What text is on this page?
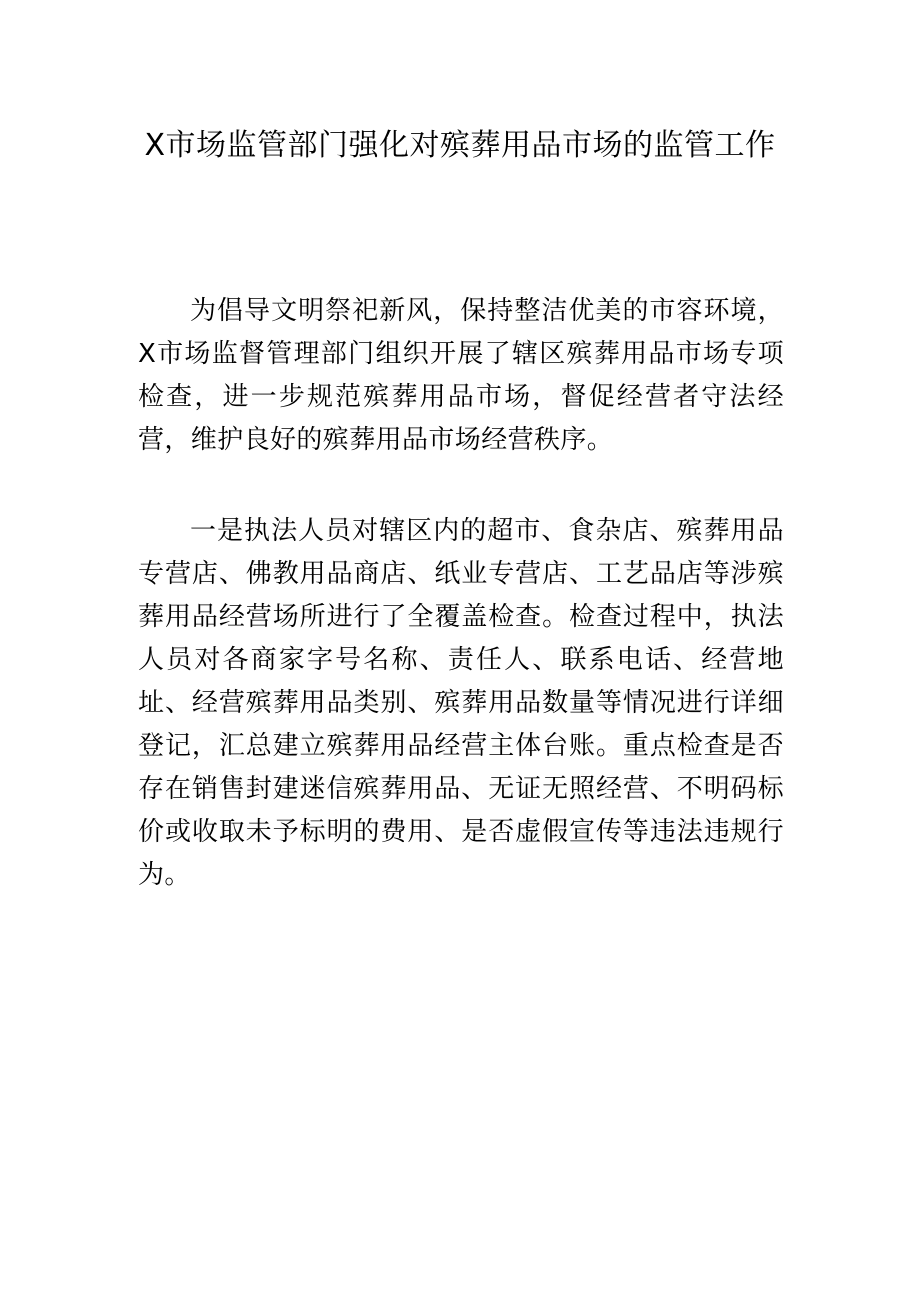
X市场监管部门强化对殡葬用品市场的监管工作

为倡导文明祭祀新风，保持整洁优美的市容环境，X市场监督管理部门组织开展了辖区殡葬用品市场专项检查，进一步规范殡葬用品市场，督促经营者守法经营，维护良好的殡葬用品市场经营秩序。

一是执法人员对辖区内的超市、食杂店、殡葬用品专营店、佛教用品商店、纸业专营店、工艺品店等涉殡葬用品经营场所进行了全覆盖检查。检查过程中，执法人员对各商家字号名称、责任人、联系电话、经营地址、经营殡葬用品类别、殡葬用品数量等情况进行详细登记，汇总建立殡葬用品经营主体台账。重点检查是否存在销售封建迷信殡葬用品、无证无照经营、不明码标价或收取未予标明的费用、是否虚假宣传等违法违规行为。
